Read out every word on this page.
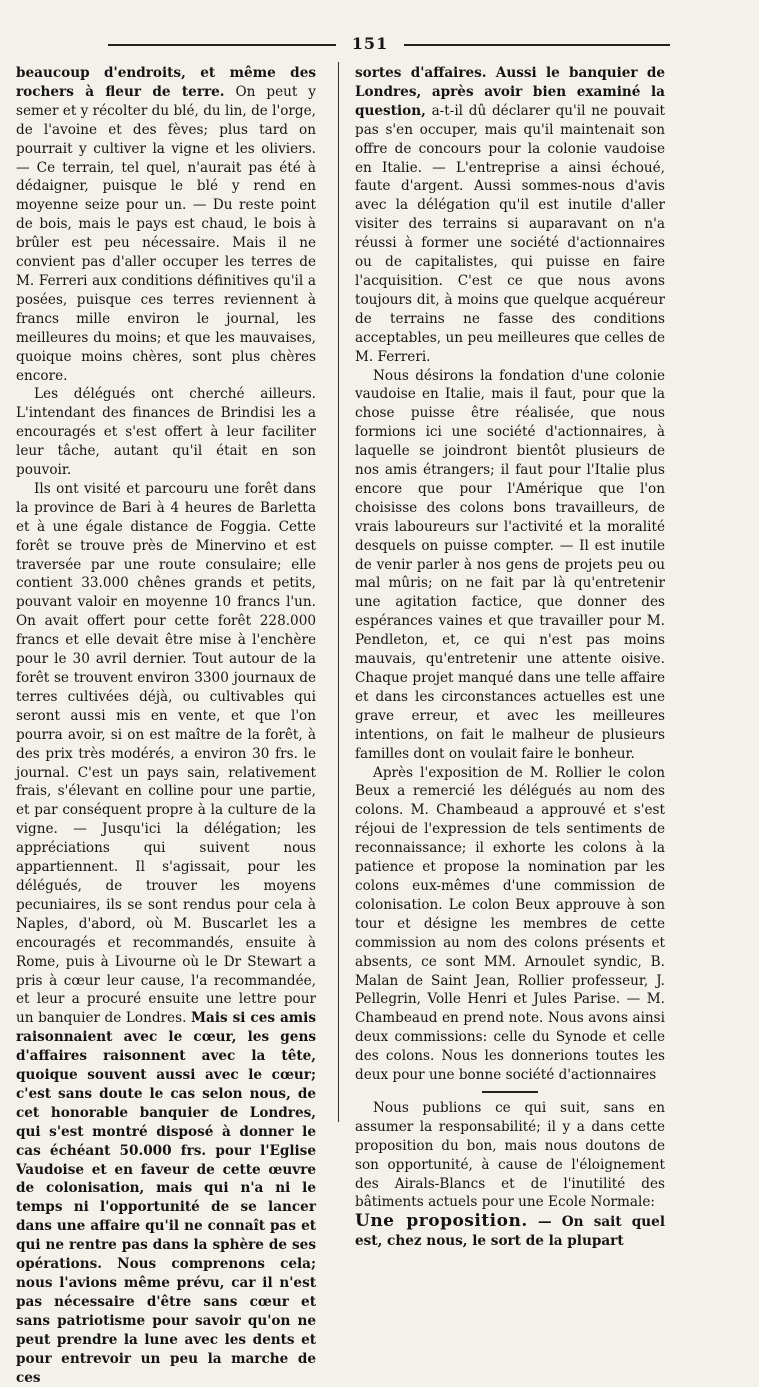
151

beaucoup d'endroits, et même des rochers à fleur de terre. On peut y semer et y récolter du blé, du lin, de l'orge, de l'avoine et des fèves; plus tard on pourrait y cultiver la vigne et les oliviers. — Ce terrain, tel quel, n'aurait pas été à dédaigner, puisque le blé y rend en moyenne seize pour un. — Du reste point de bois, mais le pays est chaud, le bois à brûler est peu nécessaire. Mais il ne convient pas d'aller occuper les terres de M. Ferreri aux conditions définitives qu'il a posées, puisque ces terres reviennent à francs mille environ le journal, les meilleures du moins; et que les mauvaises, quoique moins chères, sont plus chères encore.

Les délégués ont cherché ailleurs. L'intendant des finances de Brindisi les a encouragés et s'est offert à leur faciliter leur tâche, autant qu'il était en son pouvoir.

Ils ont visité et parcouru une forêt dans la province de Bari à 4 heures de Barletta et à une égale distance de Foggia. Cette forêt se trouve près de Minervino et est traversée par une route consulaire; elle contient 33.000 chênes grands et petits, pouvant valoir en moyenne 10 francs l'un. On avait offert pour cette forêt 228.000 francs et elle devait être mise à l'enchère pour le 30 avril dernier. Tout autour de la forêt se trouvent environ 3300 journaux de terres cultivées déjà, ou cultivables qui seront aussi mis en vente, et que l'on pourra avoir, si on est maître de la forêt, à des prix très modérés, a environ 30 frs. le journal. C'est un pays sain, relativement frais, s'élevant en colline pour une partie, et par conséquent propre à la culture de la vigne. — Jusqu'ici la délégation; les appréciations qui suivent nous appartiennent. Il s'agissait, pour les délégués, de trouver les moyens pecuniaires, ils se sont rendus pour cela à Naples, d'abord, où M. Buscarlet les a encouragés et recommandés, ensuite à Rome, puis à Livourne où le Dr Stewart a pris à cœur leur cause, l'a recommandée, et leur a procuré ensuite une lettre pour un banquier de Londres. Mais si ces amis raisonnaient avec le cœur, les gens d'affaires raisonnent avec la tête, quoique souvent aussi avec le cœur; c'est sans doute le cas selon nous, de cet honorable banquier de Londres, qui s'est montré disposé à donner le cas échéant 50.000 frs. pour l'Eglise Vaudoise et en faveur de cette œuvre de colonisation, mais qui n'a ni le temps ni l'opportunité de se lancer dans une affaire qu'il ne connaît pas et qui ne rentre pas dans la sphère de ses opérations. Nous comprenons cela; nous l'avions même prévu, car il n'est pas nécessaire d'être sans cœur et sans patriotisme pour savoir qu'on ne peut prendre la lune avec les dents et pour entrevoir un peu la marche de ces

sortes d'affaires. Aussi le banquier de Londres, après avoir bien examiné la question, a-t-il dû déclarer qu'il ne pouvait pas s'en occuper, mais qu'il maintenait son offre de concours pour la colonie vaudoise en Italie. — L'entreprise a ainsi échoué, faute d'argent. Aussi sommes-nous d'avis avec la délégation qu'il est inutile d'aller visiter des terrains si auparavant on n'a réussi à former une société d'actionnaires ou de capitalistes, qui puisse en faire l'acquisition. C'est ce que nous avons toujours dit, à moins que quelque acquéreur de terrains ne fasse des conditions acceptables, un peu meilleures que celles de M. Ferreri.

Nous désirons la fondation d'une colonie vaudoise en Italie, mais il faut, pour que la chose puisse être réalisée, que nous formions ici une société d'actionnaires, à laquelle se joindront bientôt plusieurs de nos amis étrangers; il faut pour l'Italie plus encore que pour l'Amérique que l'on choisisse des colons bons travailleurs, de vrais laboureurs sur l'activité et la moralité desquels on puisse compter. — Il est inutile de venir parler à nos gens de projets peu ou mal mûris; on ne fait par là qu'entretenir une agitation factice, que donner des espérances vaines et que travailler pour M. Pendleton, et, ce qui n'est pas moins mauvais, qu'entretenir une attente oisive. Chaque projet manqué dans une telle affaire et dans les circonstances actuelles est une grave erreur, et avec les meilleures intentions, on fait le malheur de plusieurs familles dont on voulait faire le bonheur.

Après l'exposition de M. Rollier le colon Beux a remercié les délégués au nom des colons. M. Chambeaud a approuvé et s'est réjoui de l'expression de tels sentiments de reconnaissance; il exhorte les colons à la patience et propose la nomination par les colons eux-mêmes d'une commission de colonisation. Le colon Beux approuve à son tour et désigne les membres de cette commission au nom des colons présents et absents, ce sont MM. Arnoulet syndic, B. Malan de Saint Jean, Rollier professeur, J. Pellegrin, Volle Henri et Jules Parise. — M. Chambeaud en prend note. Nous avons ainsi deux commissions: celle du Synode et celle des colons. Nous les donnerions toutes les deux pour une bonne société d'actionnaires

Nous publions ce qui suit, sans en assumer la responsabilité; il y a dans cette proposition du bon, mais nous doutons de son opportunité, à cause de l'éloignement des Airals-Blancs et de l'inutilité des bâtiments actuels pour une Ecole Normale:

Une proposition. — On sait quel est, chez nous, le sort de la plupart
